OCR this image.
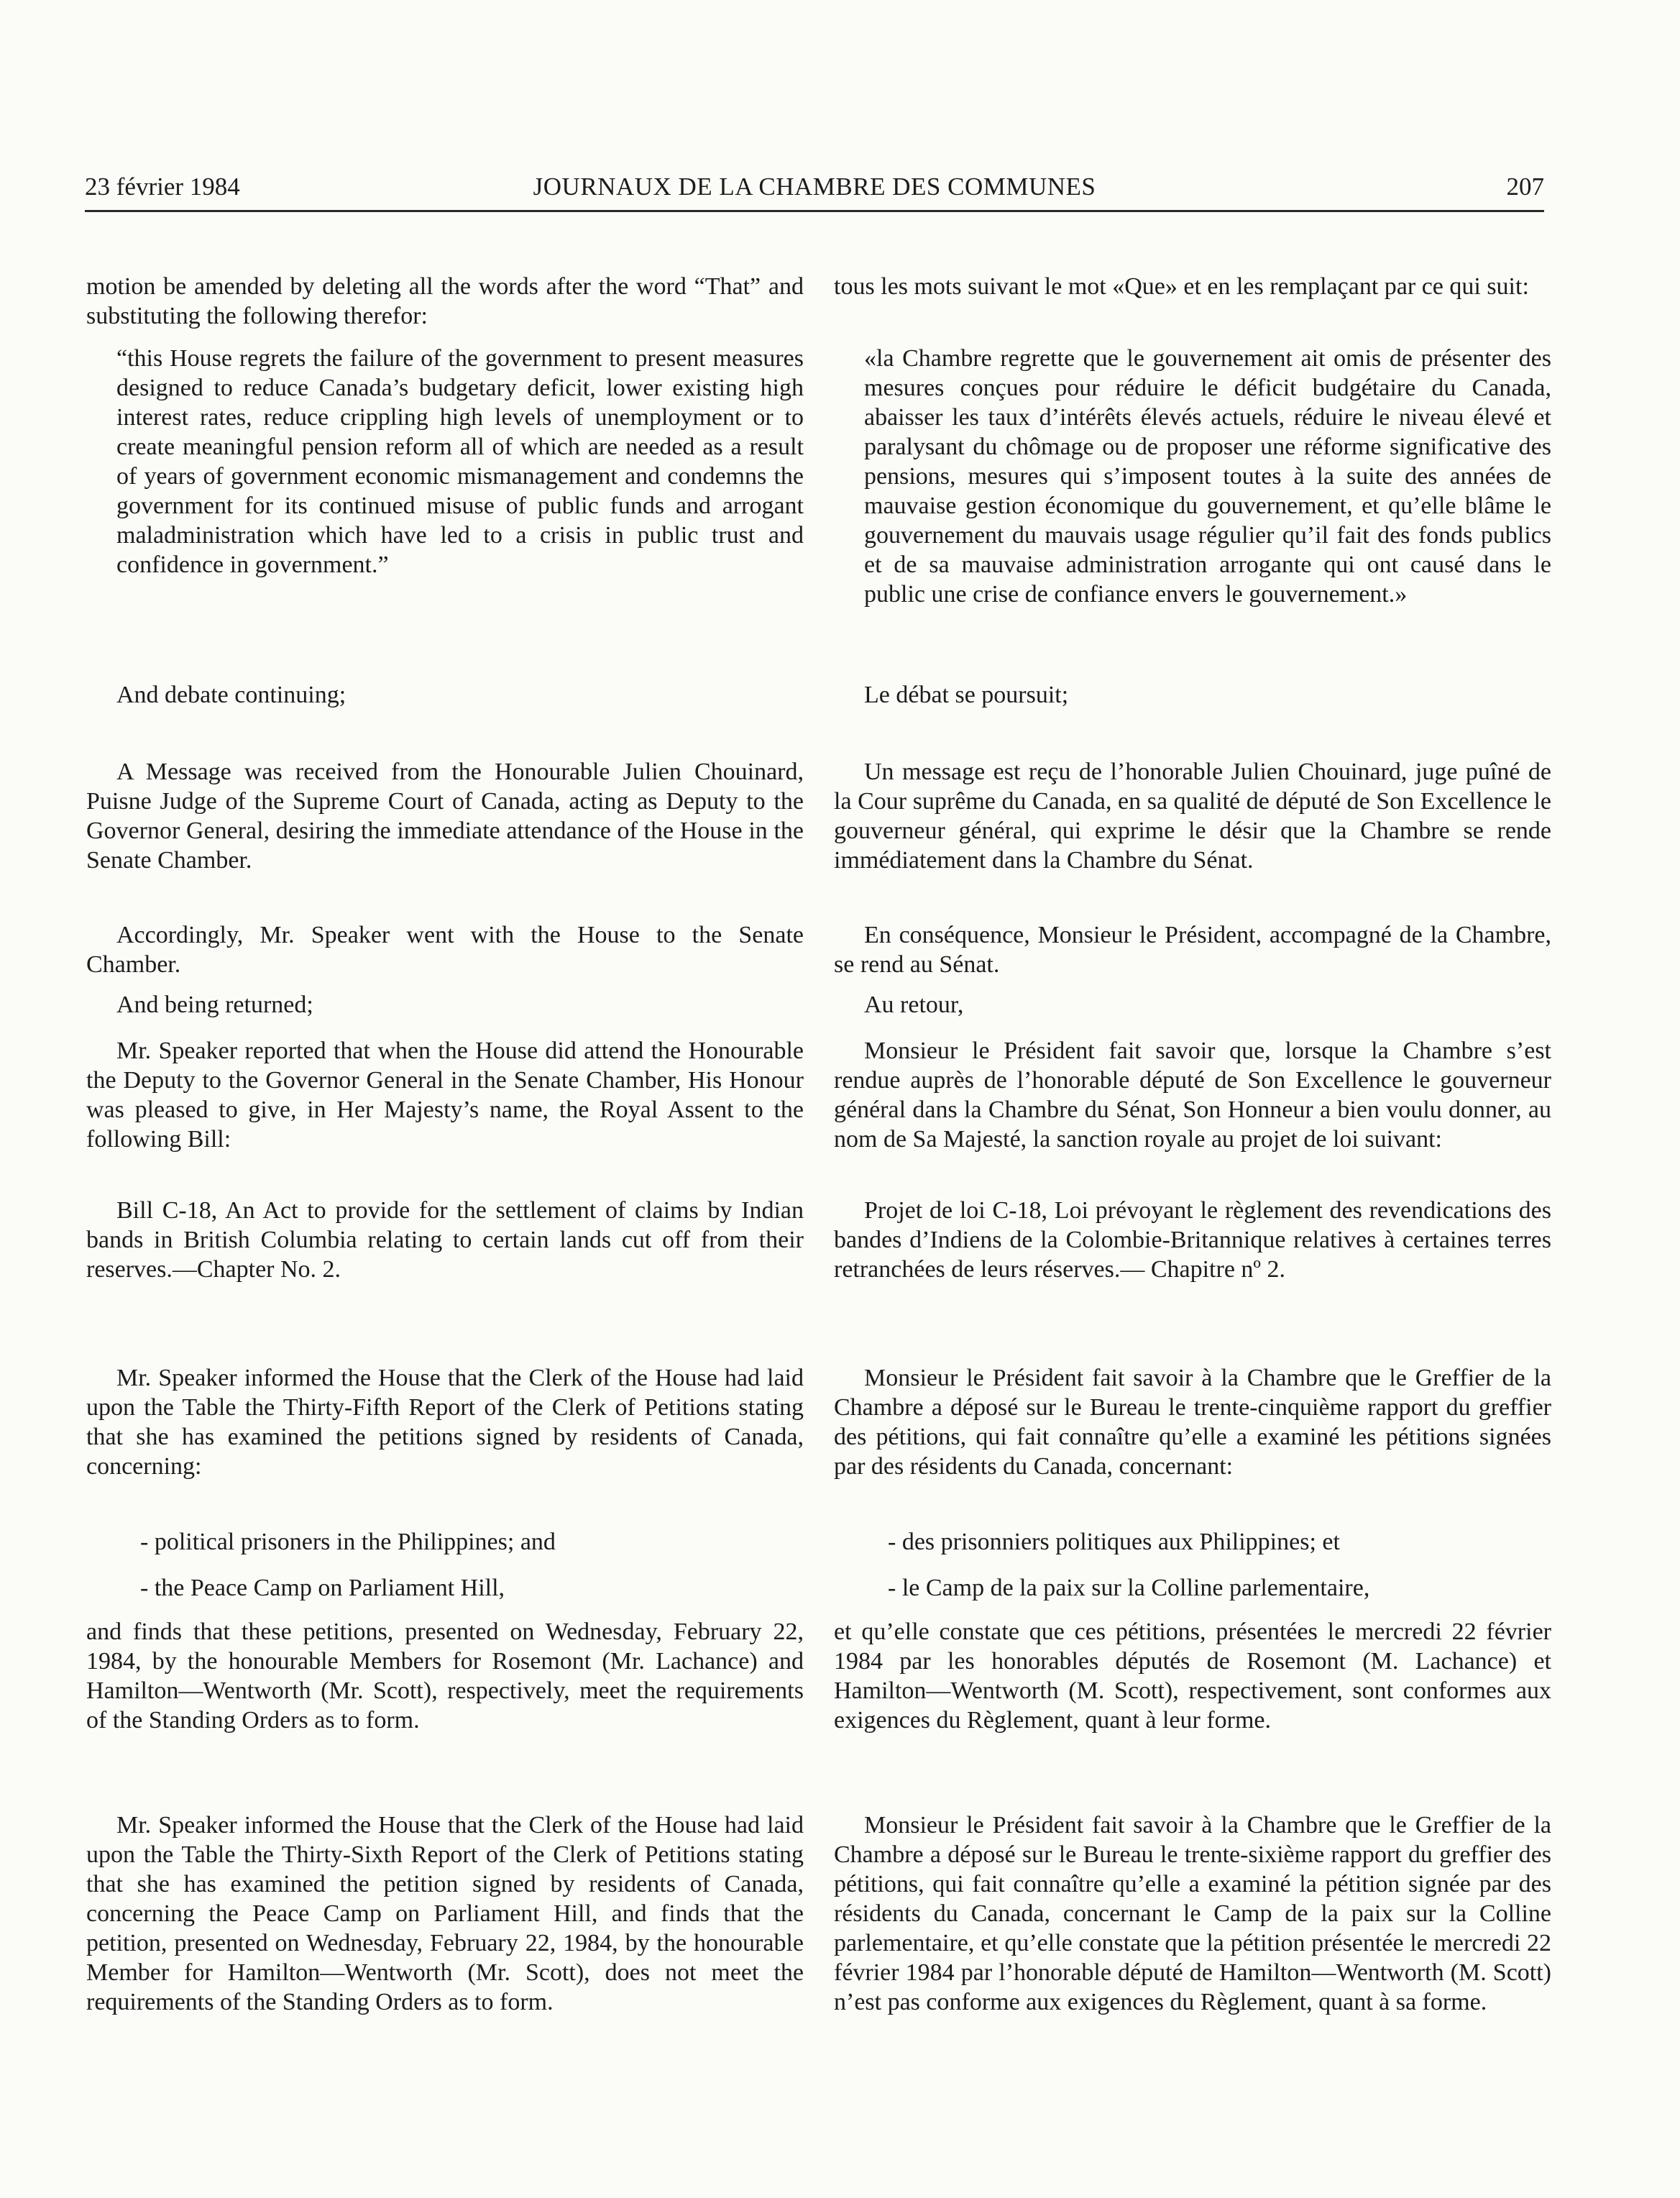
23 février 1984	JOURNAUX DE LA CHAMBRE DES COMMUNES	207

motion be amended by deleting all the words after the word “That” and substituting the following therefor:

“this House regrets the failure of the government to present measures designed to reduce Canada’s budgetary deficit, lower existing high interest rates, reduce crippling high levels of unemployment or to create meaningful pension reform all of which are needed as a result of years of government economic mismanagement and condemns the government for its continued misuse of public funds and arrogant maladministration which have led to a crisis in public trust and confidence in government.”

And debate continuing;

A Message was received from the Honourable Julien Chouinard, Puisne Judge of the Supreme Court of Canada, acting as Deputy to the Governor General, desiring the immediate attendance of the House in the Senate Chamber.

Accordingly, Mr. Speaker went with the House to the Senate Chamber.

And being returned;

Mr. Speaker reported that when the House did attend the Honourable the Deputy to the Governor General in the Senate Chamber, His Honour was pleased to give, in Her Majesty’s name, the Royal Assent to the following Bill:

Bill C-18, An Act to provide for the settlement of claims by Indian bands in British Columbia relating to certain lands cut off from their reserves.—Chapter No. 2.

Mr. Speaker informed the House that the Clerk of the House had laid upon the Table the Thirty-Fifth Report of the Clerk of Petitions stating that she has examined the petitions signed by residents of Canada, concerning:

- political prisoners in the Philippines; and

- the Peace Camp on Parliament Hill,

and finds that these petitions, presented on Wednesday, February 22, 1984, by the honourable Members for Rosemont (Mr. Lachance) and Hamilton—Wentworth (Mr. Scott), respectively, meet the requirements of the Standing Orders as to form.

Mr. Speaker informed the House that the Clerk of the House had laid upon the Table the Thirty-Sixth Report of the Clerk of Petitions stating that she has examined the petition signed by residents of Canada, concerning the Peace Camp on Parliament Hill, and finds that the petition, presented on Wednesday, February 22, 1984, by the honourable Member for Hamilton—Wentworth (Mr. Scott), does not meet the requirements of the Standing Orders as to form.

tous les mots suivant le mot «Que» et en les remplaçant par ce qui suit:

«la Chambre regrette que le gouvernement ait omis de présenter des mesures conçues pour réduire le déficit budgétaire du Canada, abaisser les taux d’intérêts élevés actuels, réduire le niveau élevé et paralysant du chômage ou de proposer une réforme significative des pensions, mesures qui s’imposent toutes à la suite des années de mauvaise gestion économique du gouvernement, et qu’elle blâme le gouvernement du mauvais usage régulier qu’il fait des fonds publics et de sa mauvaise administration arrogante qui ont causé dans le public une crise de confiance envers le gouvernement.»

Le débat se poursuit;

Un message est reçu de l’honorable Julien Chouinard, juge puîné de la Cour suprême du Canada, en sa qualité de député de Son Excellence le gouverneur général, qui exprime le désir que la Chambre se rende immédiatement dans la Chambre du Sénat.

En conséquence, Monsieur le Président, accompagné de la Chambre, se rend au Sénat.

Au retour,

Monsieur le Président fait savoir que, lorsque la Chambre s’est rendue auprès de l’honorable député de Son Excellence le gouverneur général dans la Chambre du Sénat, Son Honneur a bien voulu donner, au nom de Sa Majesté, la sanction royale au projet de loi suivant:

Projet de loi C-18, Loi prévoyant le règlement des revendications des bandes d’Indiens de la Colombie-Britannique relatives à certaines terres retranchées de leurs réserves.— Chapitre nº 2.

Monsieur le Président fait savoir à la Chambre que le Greffier de la Chambre a déposé sur le Bureau le trente-cinquième rapport du greffier des pétitions, qui fait connaître qu’elle a examiné les pétitions signées par des résidents du Canada, concernant:

- des prisonniers politiques aux Philippines; et

- le Camp de la paix sur la Colline parlementaire,

et qu’elle constate que ces pétitions, présentées le mercredi 22 février 1984 par les honorables députés de Rosemont (M. Lachance) et Hamilton—Wentworth (M. Scott), respectivement, sont conformes aux exigences du Règlement, quant à leur forme.

Monsieur le Président fait savoir à la Chambre que le Greffier de la Chambre a déposé sur le Bureau le trente-sixième rapport du greffier des pétitions, qui fait connaître qu’elle a examiné la pétition signée par des résidents du Canada, concernant le Camp de la paix sur la Colline parlementaire, et qu’elle constate que la pétition présentée le mercredi 22 février 1984 par l’honorable député de Hamilton—Wentworth (M. Scott) n’est pas conforme aux exigences du Règlement, quant à sa forme.
